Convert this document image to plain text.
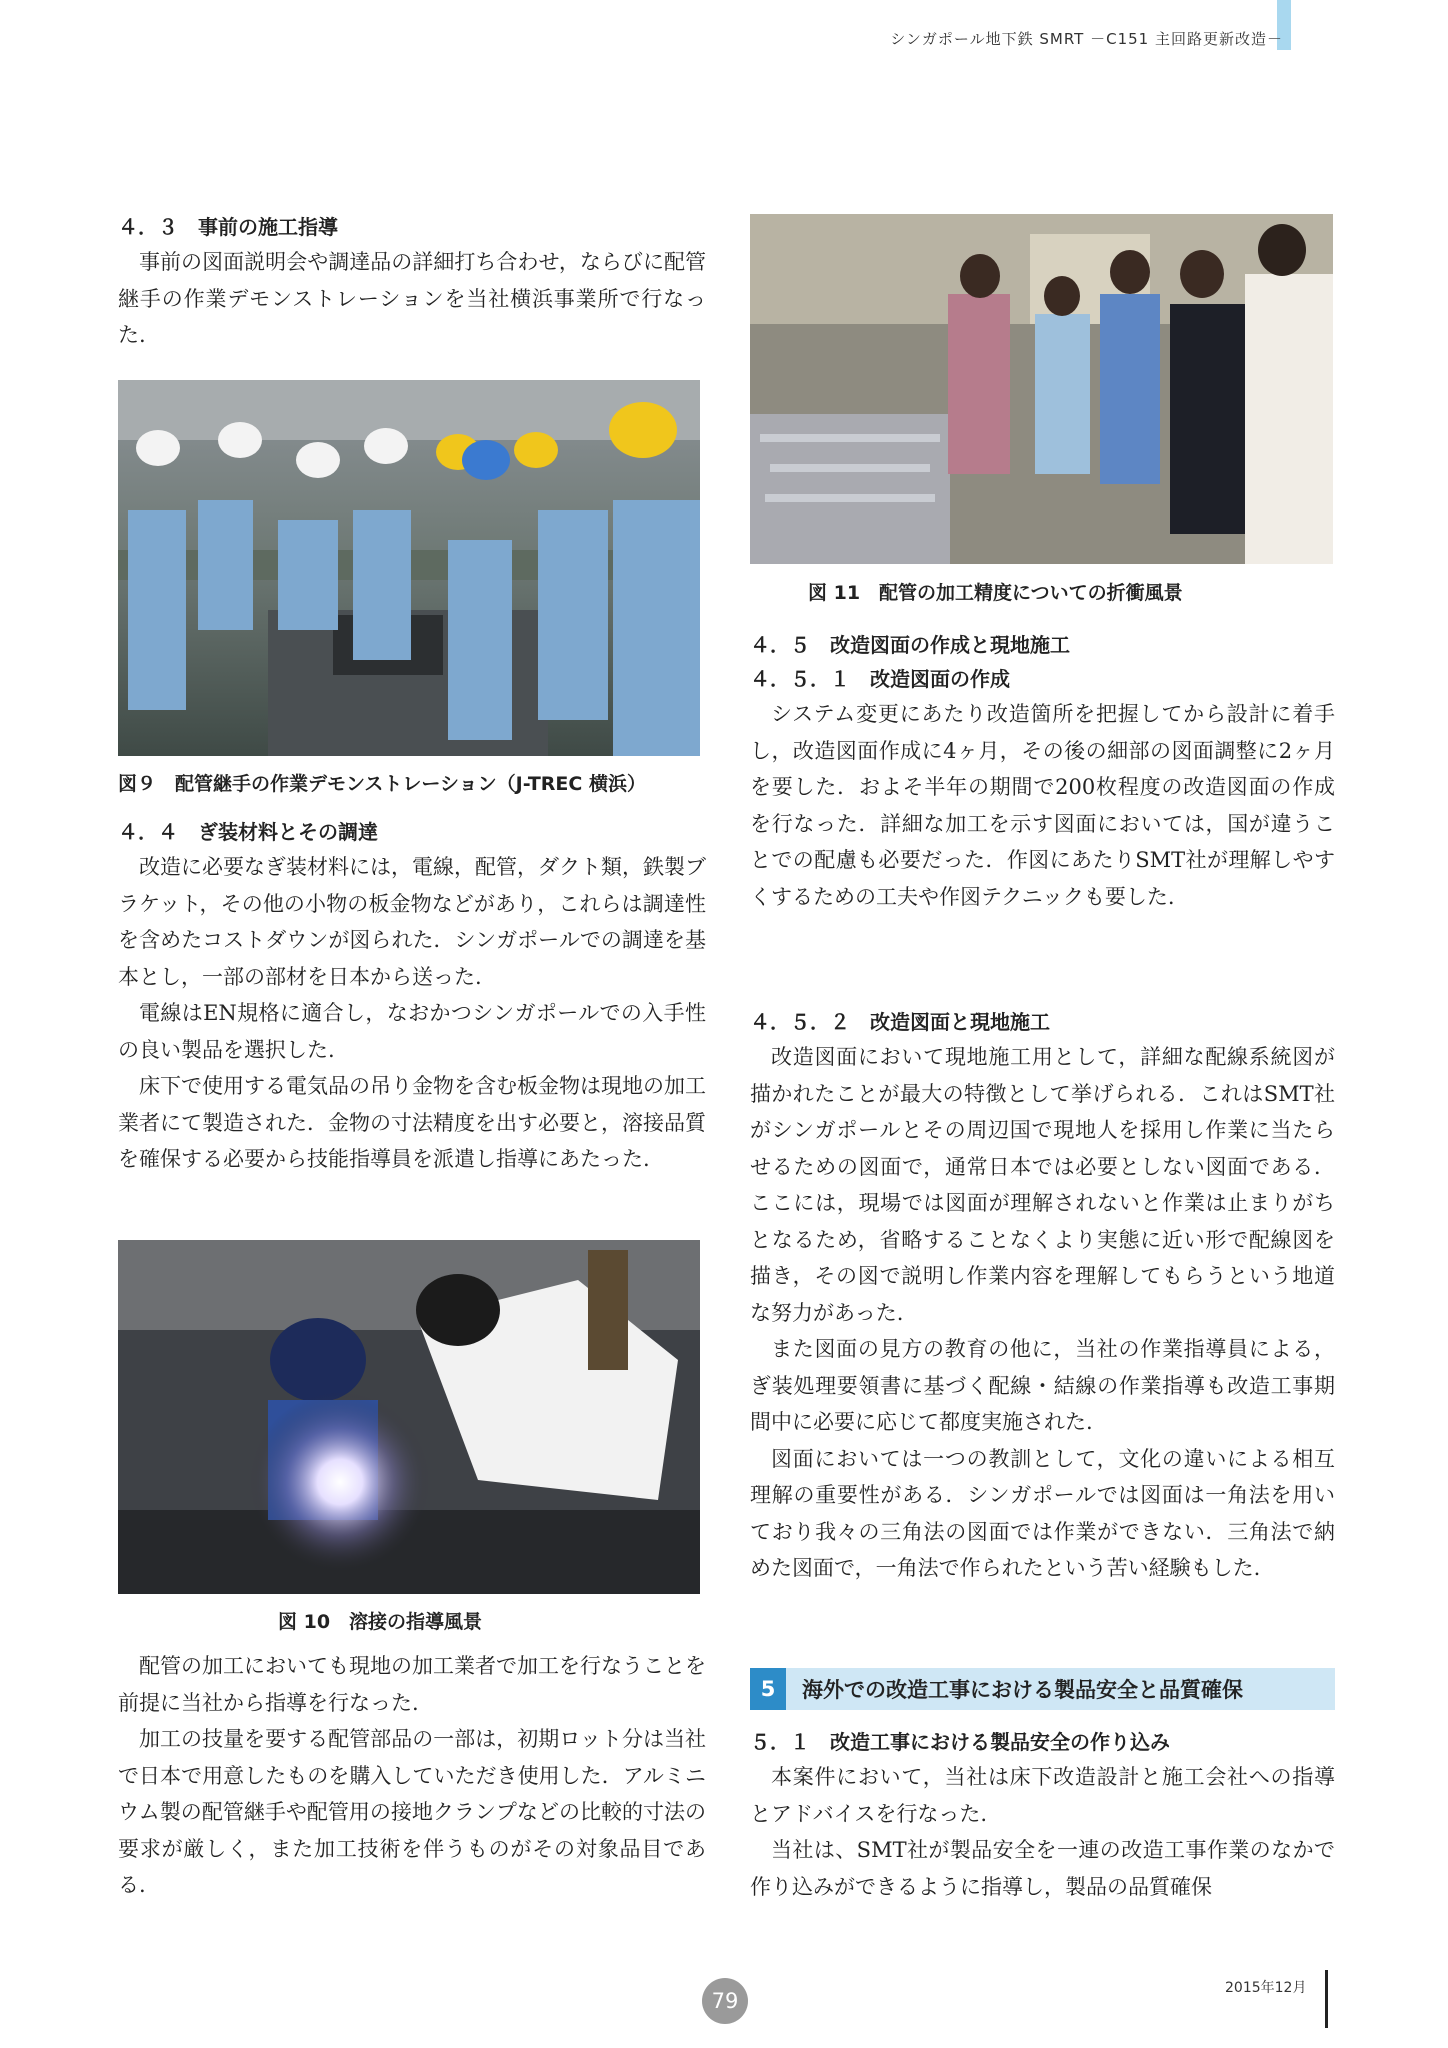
シンガポール地下鉄 SMRT －C151 主回路更新改造－
４．３　事前の施工指導

事前の図面説明会や調達品の詳細打ち合わせ，ならびに配管継手の作業デモンストレーションを当社横浜事業所で行なった.

図９　配管継手の作業デモンストレーション（J-TREC 横浜）
４．４　ぎ装材料とその調達

改造に必要なぎ装材料には，電線，配管，ダクト類，鉄製ブラケット，その他の小物の板金物などがあり，これらは調達性を含めたコストダウンが図られた．シンガポールでの調達を基本とし，一部の部材を日本から送った.

電線はEN規格に適合し，なおかつシンガポールでの入手性の良い製品を選択した.

床下で使用する電気品の吊り金物を含む板金物は現地の加工業者にて製造された．金物の寸法精度を出す必要と，溶接品質を確保する必要から技能指導員を派遣し指導にあたった.

図 10　溶接の指導風景

配管の加工においても現地の加工業者で加工を行なうことを前提に当社から指導を行なった.

加工の技量を要する配管部品の一部は，初期ロット分は当社で日本で用意したものを購入していただき使用した．アルミニウム製の配管継手や配管用の接地クランプなどの比較的寸法の要求が厳しく，また加工技術を伴うものがその対象品目である.

図 11　配管の加工精度についての折衝風景
４．５　改造図面の作成と現地施工
４．５．１　改造図面の作成

システム変更にあたり改造箇所を把握してから設計に着手し，改造図面作成に4ヶ月，その後の細部の図面調整に2ヶ月を要した．およそ半年の期間で200枚程度の改造図面の作成を行なった．詳細な加工を示す図面においては，国が違うことでの配慮も必要だった．作図にあたりSMT社が理解しやすくするための工夫や作図テクニックも要した.

４．５．２　改造図面と現地施工

改造図面において現地施工用として，詳細な配線系統図が描かれたことが最大の特徴として挙げられる．これはSMT社がシンガポールとその周辺国で現地人を採用し作業に当たらせるための図面で，通常日本では必要としない図面である．ここには，現場では図面が理解されないと作業は止まりがちとなるため，省略することなくより実態に近い形で配線図を描き，その図で説明し作業内容を理解してもらうという地道な努力があった.

また図面の見方の教育の他に，当社の作業指導員による，ぎ装処理要領書に基づく配線・結線の作業指導も改造工事期間中に必要に応じて都度実施された.

図面においては一つの教訓として，文化の違いによる相互理解の重要性がある．シンガポールでは図面は一角法を用いており我々の三角法の図面では作業ができない．三角法で納めた図面で，一角法で作られたという苦い経験もした.

5	海外での改造工事における製品安全と品質確保
５．１　改造工事における製品安全の作り込み

本案件において，当社は床下改造設計と施工会社への指導とアドバイスを行なった.

当社は、SMT社が製品安全を一連の改造工事作業のなかで作り込みができるように指導し，製品の品質確保

79
2015年12月
